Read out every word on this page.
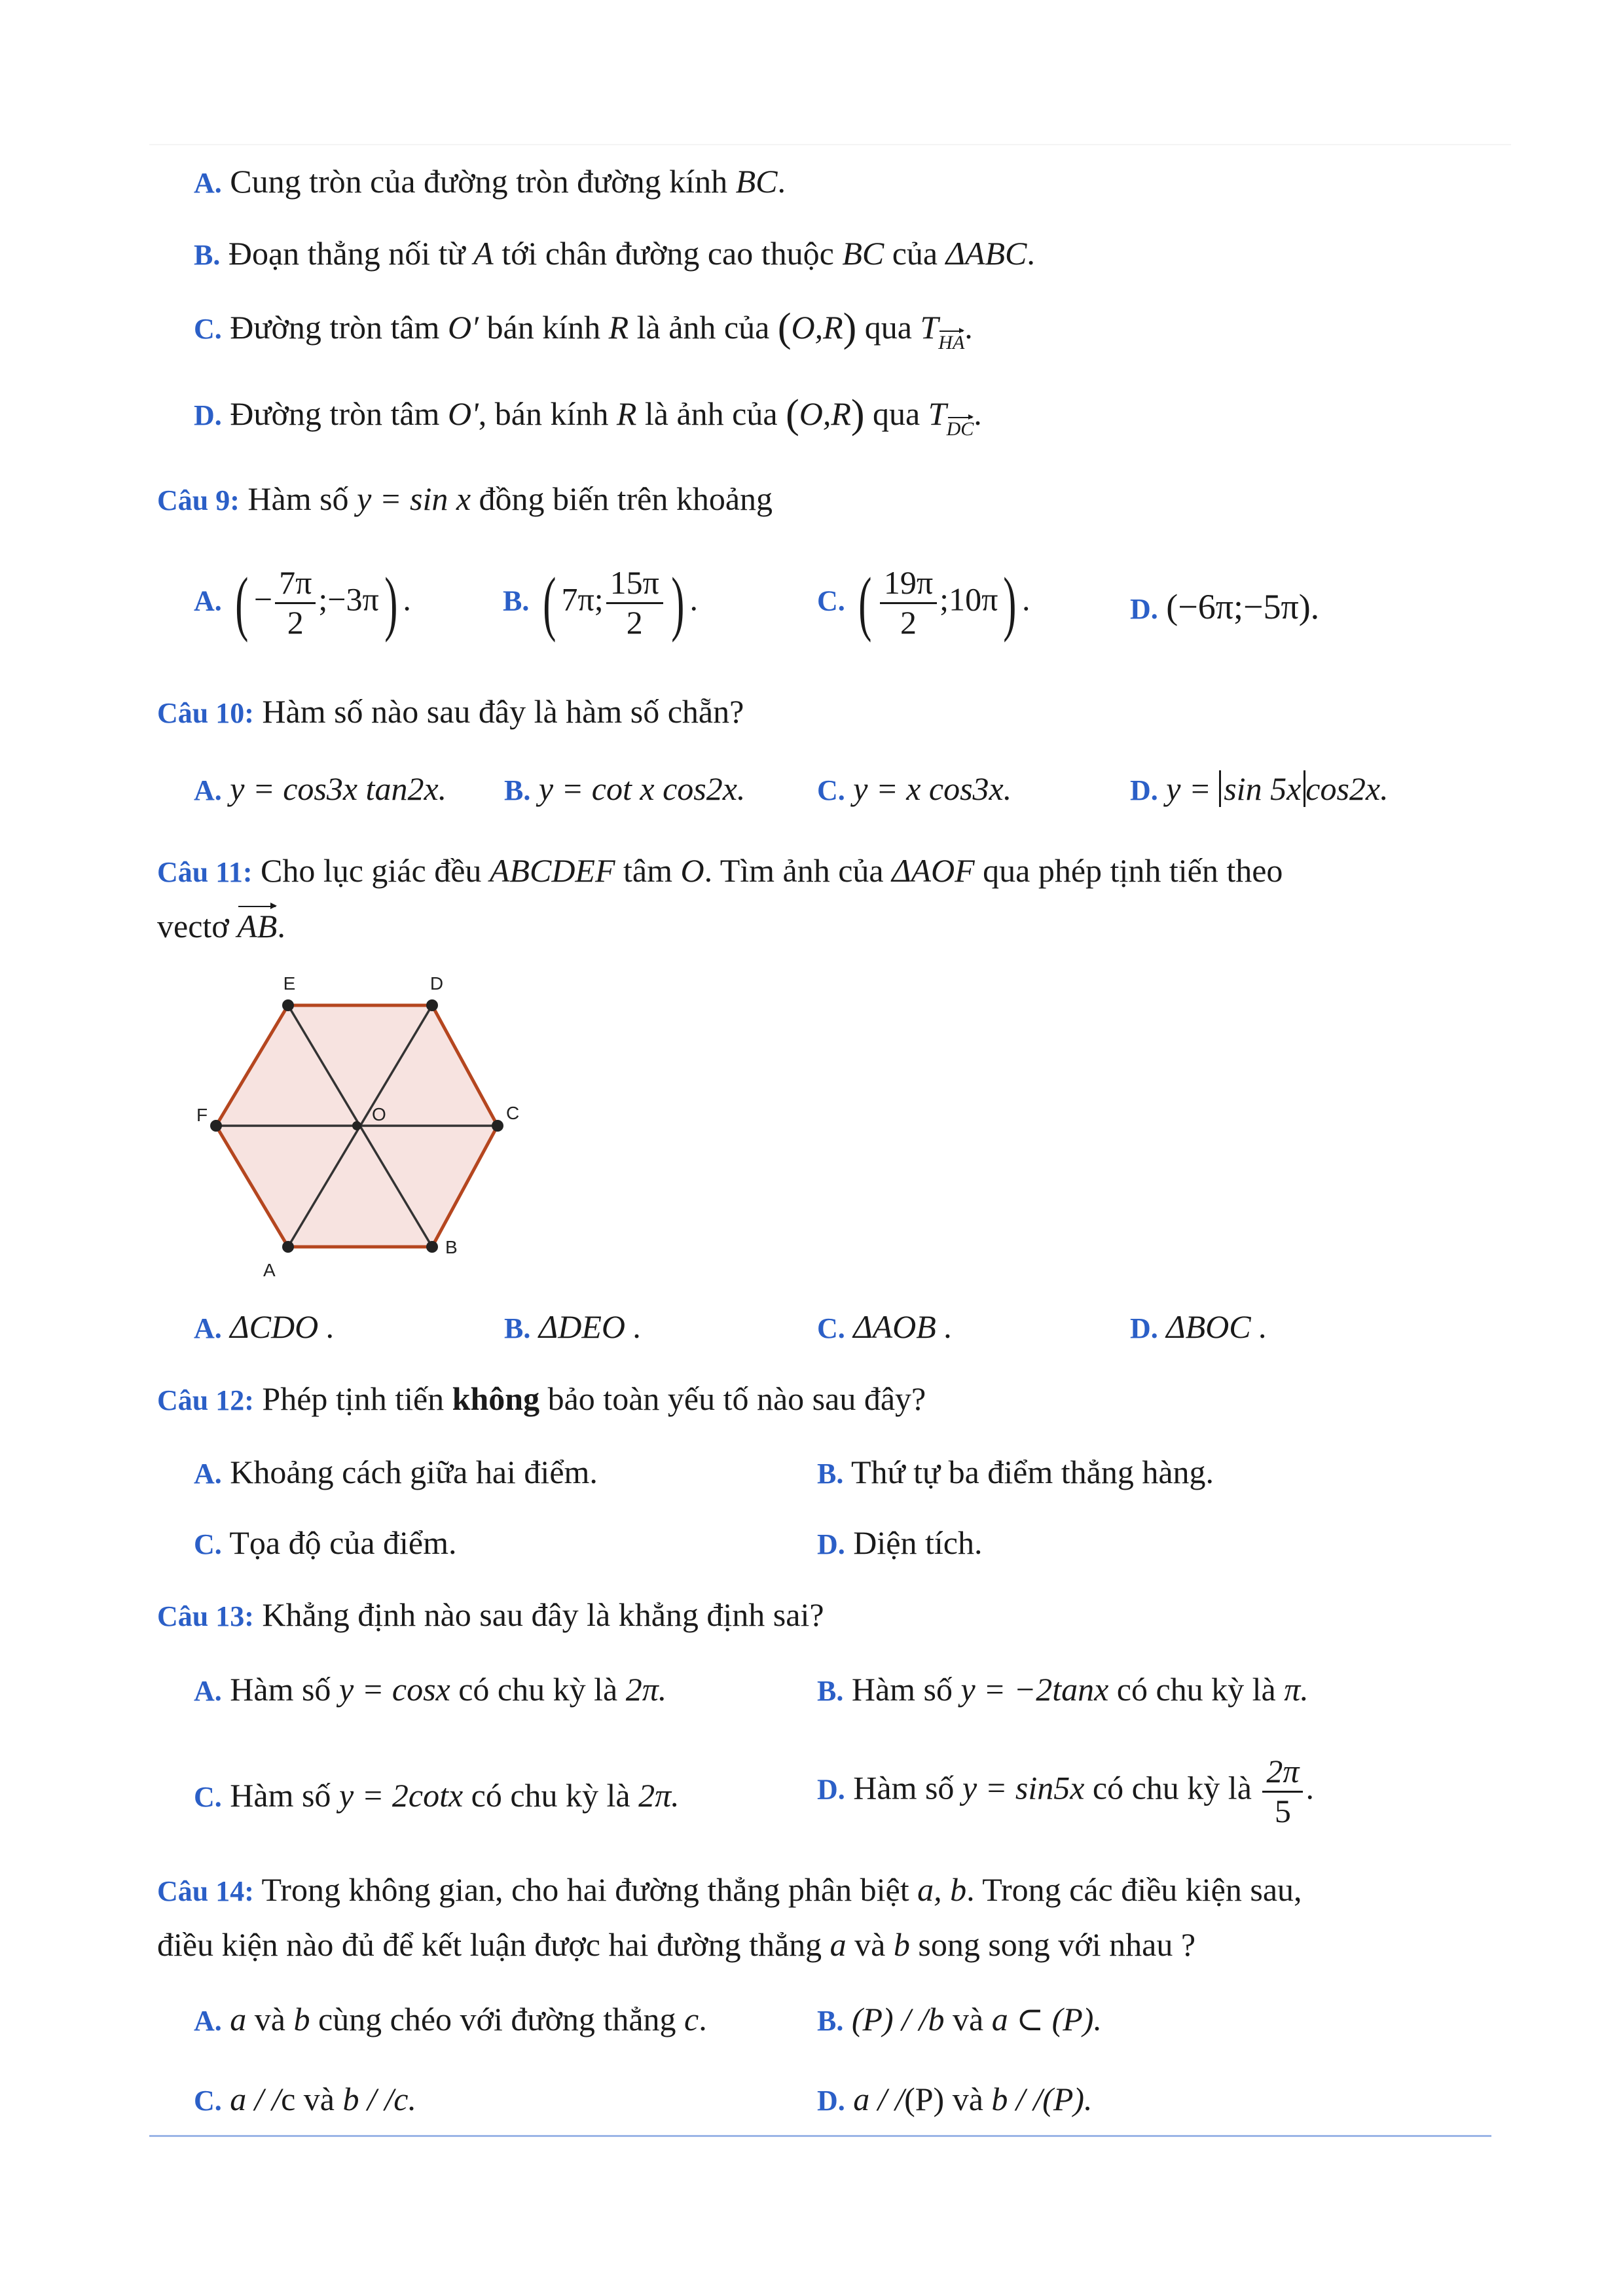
A. Cung tròn của đường tròn đường kính BC.
B. Đoạn thẳng nối từ A tới chân đường cao thuộc BC của ΔABC.
C. Đường tròn tâm O′ bán kính R là ảnh của (O,R) qua THA.
D. Đường tròn tâm O', bán kính R là ảnh của (O,R) qua TDC.
Câu 9: Hàm số y = sin x đồng biến trên khoảng
A. ( − $\frac{7\pi}{2}$ ;−3π) .	B. ( 7π; $\frac{15\pi}{2}$ ) .	C. ( $\frac{19\pi}{2}$ ;10π) .	D. (−6π;−5π).
Câu 10: Hàm số nào sau đây là hàm số chẵn?
A. y = cos3x tan2x. B. y = cot x cos2x. C. y = x cos3x.	D. y = sin 5x cos2x.
Câu 11: Cho lục giác đều ABCDEF tâm O. Tìm ảnh của ΔAOF qua phép tịnh tiến theo
vectơ AB.
E	D
C
F	O
A
B
A. ΔCDO .	B. ΔDEO .	C. ΔAOB .	D. ΔBOC .
Câu 12: Phép tịnh tiến không bảo toàn yếu tố nào sau đây?
A. Khoảng cách giữa hai điểm.	B. Thứ tự ba điểm thẳng hàng.
C. Tọa độ của điểm.	D. Diện tích.
Câu 13: Khẳng định nào sau đây là khẳng định sai?
A. Hàm số y = cosx có chu kỳ là 2π.	B. Hàm số y = −2tanx có chu kỳ là π.
C. Hàm số y = 2cotx có chu kỳ là 2π.	D. Hàm số y = sin5x có chu kỳ là $\frac{2\pi}{5}$ .
Câu 14: Trong không gian, cho hai đường thẳng phân biệt a, b. Trong các điều kiện sau,
điều kiện nào đủ để kết luận được hai đường thẳng a và b song song với nhau ?
A. a và b cùng chéo với đường thẳng c.	B. (P) / /b và a ⊂ (P).
C. a / /c và b / /c.	D. a / /(P) và b / /(P).
